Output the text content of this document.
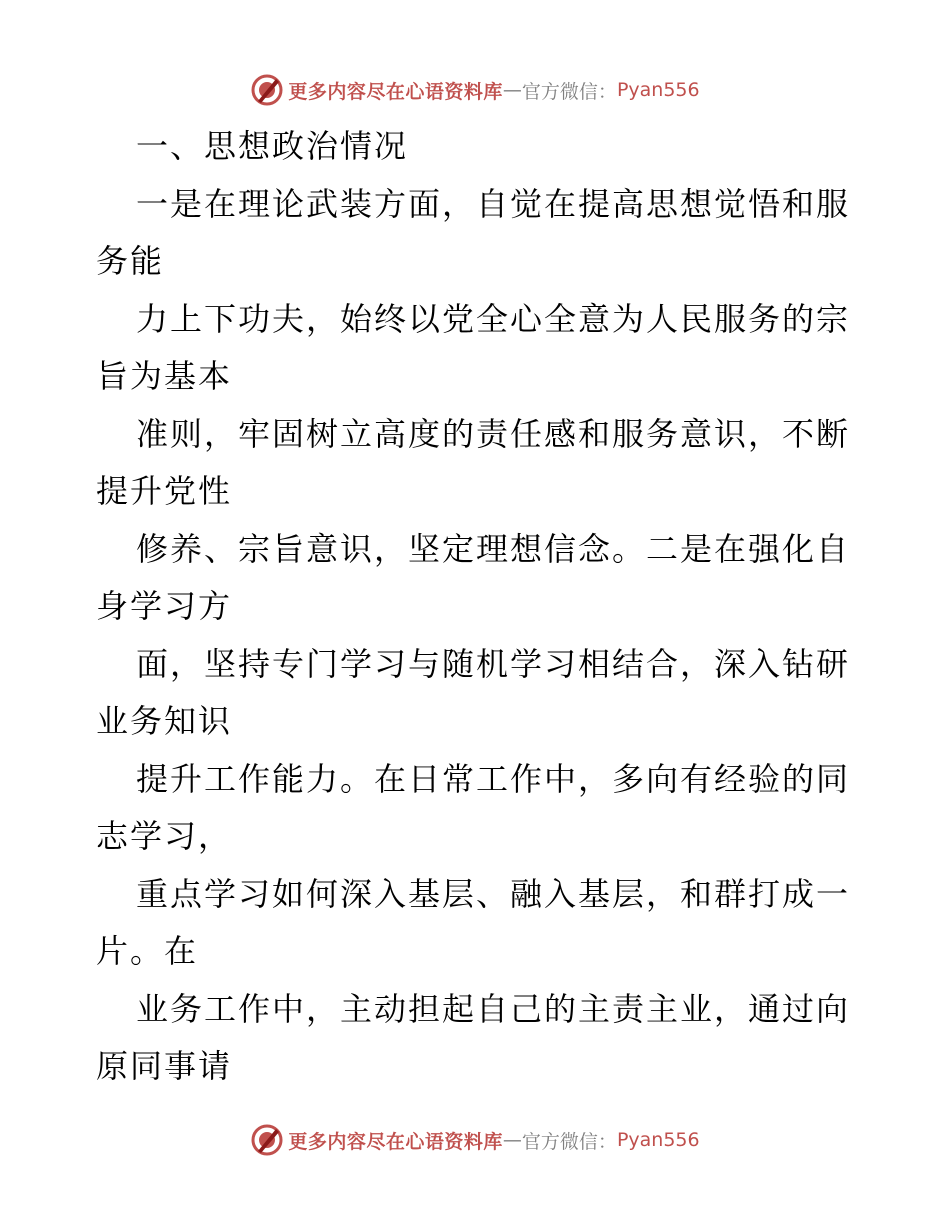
更多内容尽在心语资料库 — 官方微信： Pyan556
一、思想政治情况
一是在理论武装方面，自觉在提高思想觉悟和服
务能
力上下功夫，始终以党全心全意为人民服务的宗
旨为基本
准则，牢固树立高度的责任感和服务意识，不断
提升党性
修养、宗旨意识，坚定理想信念。二是在强化自
身学习方
面，坚持专门学习与随机学习相结合，深入钻研
业务知识
提升工作能力。在日常工作中，多向有经验的同
志学习，
重点学习如何深入基层、融入基层，和群打成一
片。在
业务工作中，主动担起自己的主责主业，通过向
原同事请
更多内容尽在心语资料库 — 官方微信： Pyan556
